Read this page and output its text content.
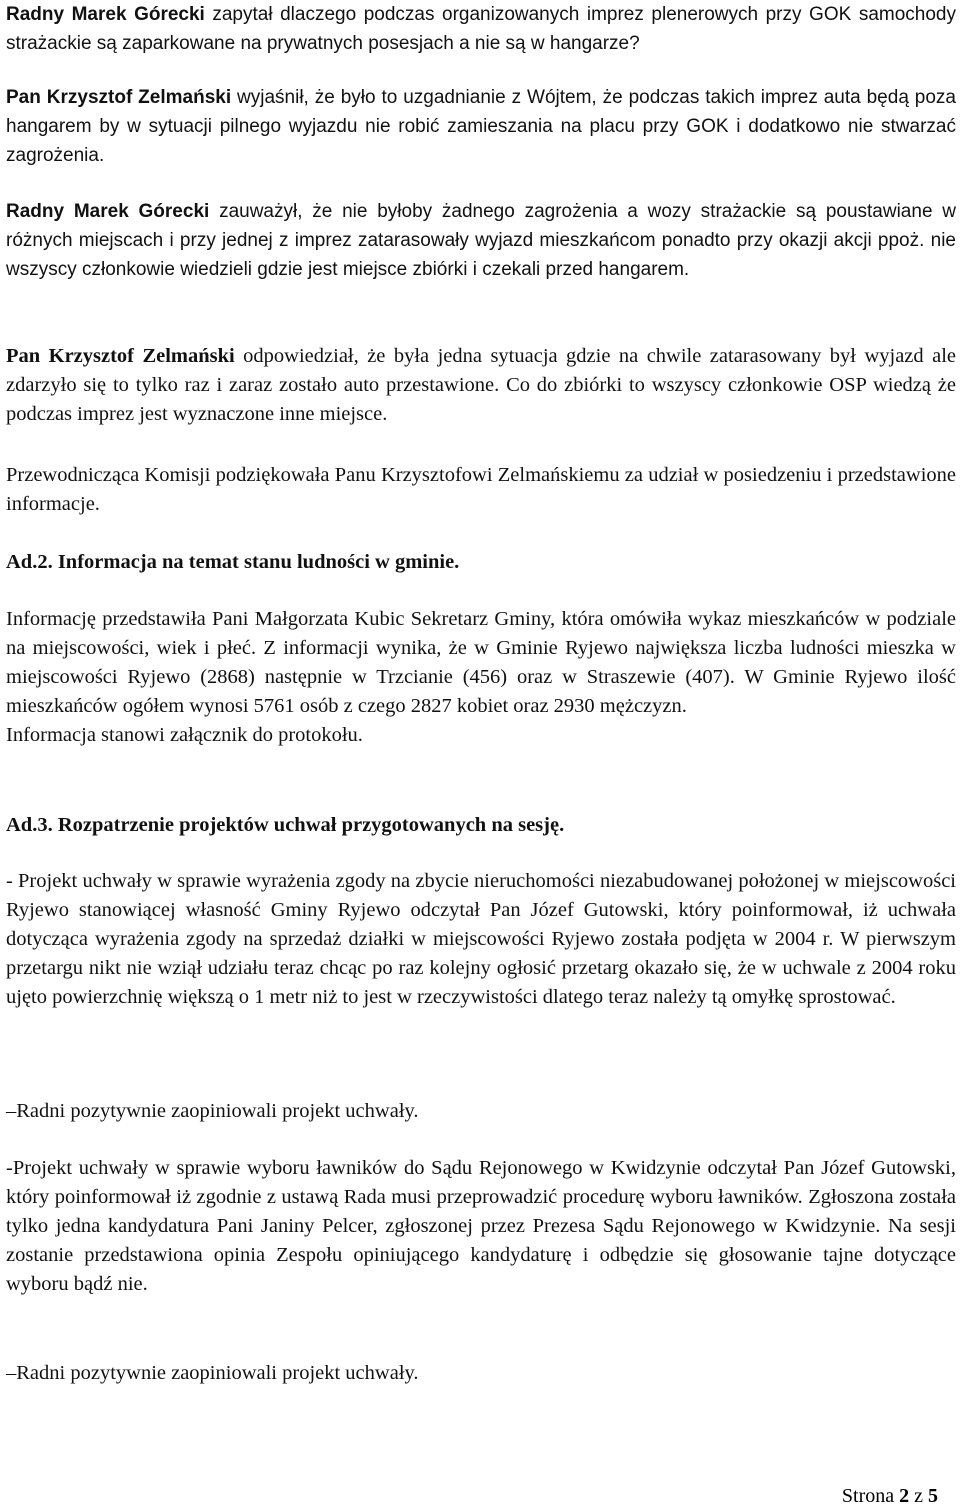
Radny Marek Górecki zapytał dlaczego podczas organizowanych imprez plenerowych przy GOK samochody strażackie są zaparkowane na prywatnych posesjach a nie są w hangarze?

Pan Krzysztof Zelmański wyjaśnił, że było to uzgadnianie z Wójtem, że podczas takich imprez auta będą poza hangarem by w sytuacji pilnego wyjazdu nie robić zamieszania na placu przy GOK i dodatkowo nie stwarzać zagrożenia.

Radny Marek Górecki zauważył, że nie byłoby żadnego zagrożenia a wozy strażackie są poustawiane w różnych miejscach i przy jednej z imprez zatarasowały wyjazd mieszkańcom ponadto przy okazji akcji ppoż. nie wszyscy członkowie wiedzieli gdzie jest miejsce zbiórki i czekali przed hangarem.

Pan Krzysztof Zelmański odpowiedział, że była jedna sytuacja gdzie na chwile zatarasowany był wyjazd ale zdarzyło się to tylko raz i zaraz zostało auto przestawione. Co do zbiórki to wszyscy członkowie OSP wiedzą że podczas imprez jest wyznaczone inne miejsce.

Przewodnicząca Komisji podziękowała Panu Krzysztofowi Zelmańskiemu za udział w posiedzeniu i przedstawione informacje.

Ad.2. Informacja na temat stanu ludności w gminie.

Informację przedstawiła Pani Małgorzata Kubic Sekretarz Gminy, która omówiła wykaz mieszkańców w podziale na miejscowości, wiek i płeć. Z informacji wynika, że w Gminie Ryjewo największa liczba ludności mieszka w miejscowości Ryjewo (2868) następnie w Trzcianie (456) oraz w Straszewie (407). W Gminie Ryjewo ilość mieszkańców ogółem wynosi 5761 osób z czego 2827 kobiet oraz 2930 mężczyzn.
Informacja stanowi załącznik do protokołu.

Ad.3. Rozpatrzenie projektów uchwał przygotowanych na sesję.

- Projekt uchwały w sprawie wyrażenia zgody na zbycie nieruchomości niezabudowanej położonej w miejscowości Ryjewo stanowiącej własność Gminy Ryjewo odczytał Pan Józef Gutowski, który poinformował, iż uchwała dotycząca wyrażenia zgody na sprzedaż działki w miejscowości Ryjewo została podjęta w 2004 r. W pierwszym przetargu nikt nie wziął udziału teraz chcąc po raz kolejny ogłosić przetarg okazało się, że w uchwale z 2004 roku ujęto powierzchnię większą o 1 metr niż to jest w rzeczywistości dlatego teraz należy tą omyłkę sprostować.

–Radni pozytywnie zaopiniowali projekt uchwały.

-Projekt uchwały w sprawie wyboru ławników do Sądu Rejonowego w Kwidzynie odczytał Pan Józef Gutowski, który poinformował iż zgodnie z ustawą Rada musi przeprowadzić procedurę wyboru ławników. Zgłoszona została tylko jedna kandydatura Pani Janiny Pelcer, zgłoszonej przez Prezesa Sądu Rejonowego w Kwidzynie. Na sesji zostanie przedstawiona opinia Zespołu opiniującego kandydaturę i odbędzie się głosowanie tajne dotyczące wyboru bądź nie.

–Radni pozytywnie zaopiniowali projekt uchwały.

Strona 2 z 5
